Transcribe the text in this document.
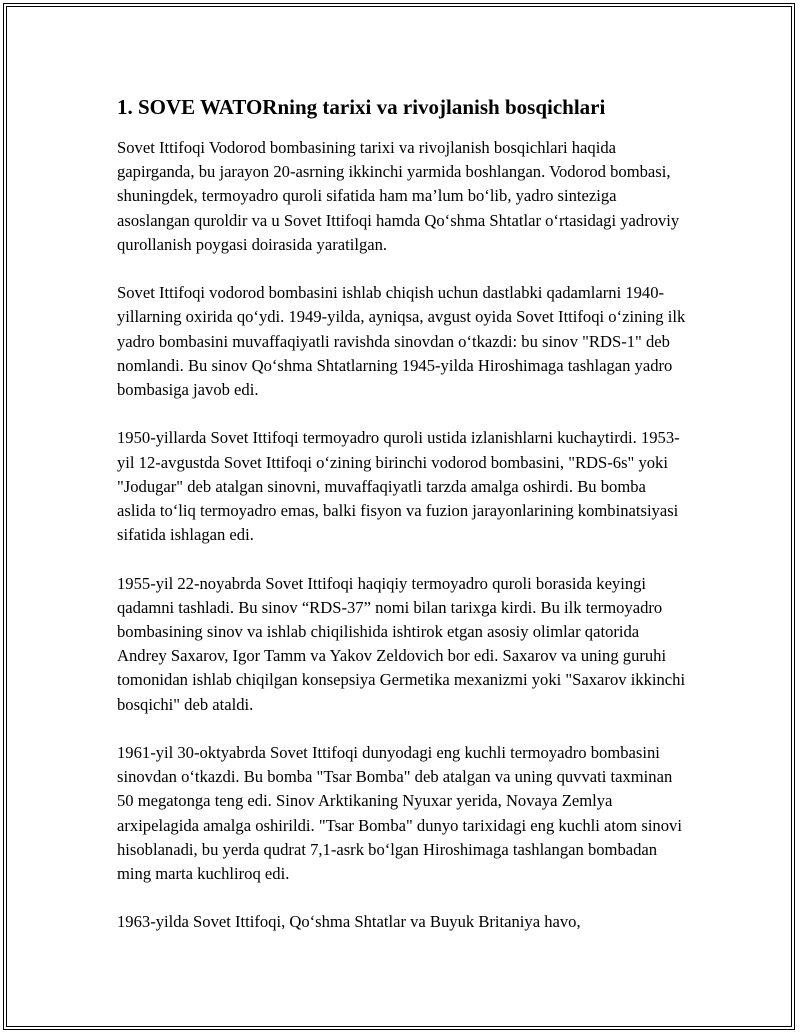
1. SOVE WATORning tarixi va rivojlanish bosqichlari

Sovet Ittifoqi Vodorod bombasining tarixi va rivojlanish bosqichlari haqida gapirganda, bu jarayon 20-asrning ikkinchi yarmida boshlangan. Vodorod bombasi, shuningdek, termoyadro quroli sifatida ham ma’lum bo‘lib, yadro sinteziga asoslangan quroldir va u Sovet Ittifoqi hamda Qo‘shma Shtatlar o‘rtasidagi yadroviy qurollanish poygasi doirasida yaratilgan.

Sovet Ittifoqi vodorod bombasini ishlab chiqish uchun dastlabki qadamlarni 1940-yillarning oxirida qo‘ydi. 1949-yilda, ayniqsa, avgust oyida Sovet Ittifoqi o‘zining ilk yadro bombasini muvaffaqiyatli ravishda sinovdan o‘tkazdi: bu sinov "RDS-1" deb nomlandi. Bu sinov Qo‘shma Shtatlarning 1945-yilda Hiroshimaga tashlagan yadro bombasiga javob edi.

1950-yillarda Sovet Ittifoqi termoyadro quroli ustida izlanishlarni kuchaytirdi. 1953-yil 12-avgustda Sovet Ittifoqi o‘zining birinchi vodorod bombasini, "RDS-6s" yoki "Jodugar" deb atalgan sinovni, muvaffaqiyatli tarzda amalga oshirdi. Bu bomba aslida to‘liq termoyadro emas, balki fisyon va fuzion jarayonlarining kombinatsiyasi sifatida ishlagan edi.

1955-yil 22-noyabrda Sovet Ittifoqi haqiqiy termoyadro quroli borasida keyingi qadamni tashladi. Bu sinov “RDS-37” nomi bilan tarixga kirdi. Bu ilk termoyadro bombasining sinov va ishlab chiqilishida ishtirok etgan asosiy olimlar qatorida Andrey Saxarov, Igor Tamm va Yakov Zeldovich bor edi. Saxarov va uning guruhi tomonidan ishlab chiqilgan konsepsiya Germetika mexanizmi yoki "Saxarov ikkinchi bosqichi" deb ataldi.

1961-yil 30-oktyabrda Sovet Ittifoqi dunyodagi eng kuchli termoyadro bombasini sinovdan o‘tkazdi. Bu bomba "Tsar Bomba" deb atalgan va uning quvvati taxminan 50 megatonga teng edi. Sinov Arktikaning Nyuxar yerida, Novaya Zemlya arxipelagida amalga oshirildi. "Tsar Bomba" dunyo tarixidagi eng kuchli atom sinovi hisoblanadi, bu yerda qudrat 7,1-asrk bo‘lgan Hiroshimaga tashlangan bombadan ming marta kuchliroq edi.

1963-yilda Sovet Ittifoqi, Qo‘shma Shtatlar va Buyuk Britaniya havo,
